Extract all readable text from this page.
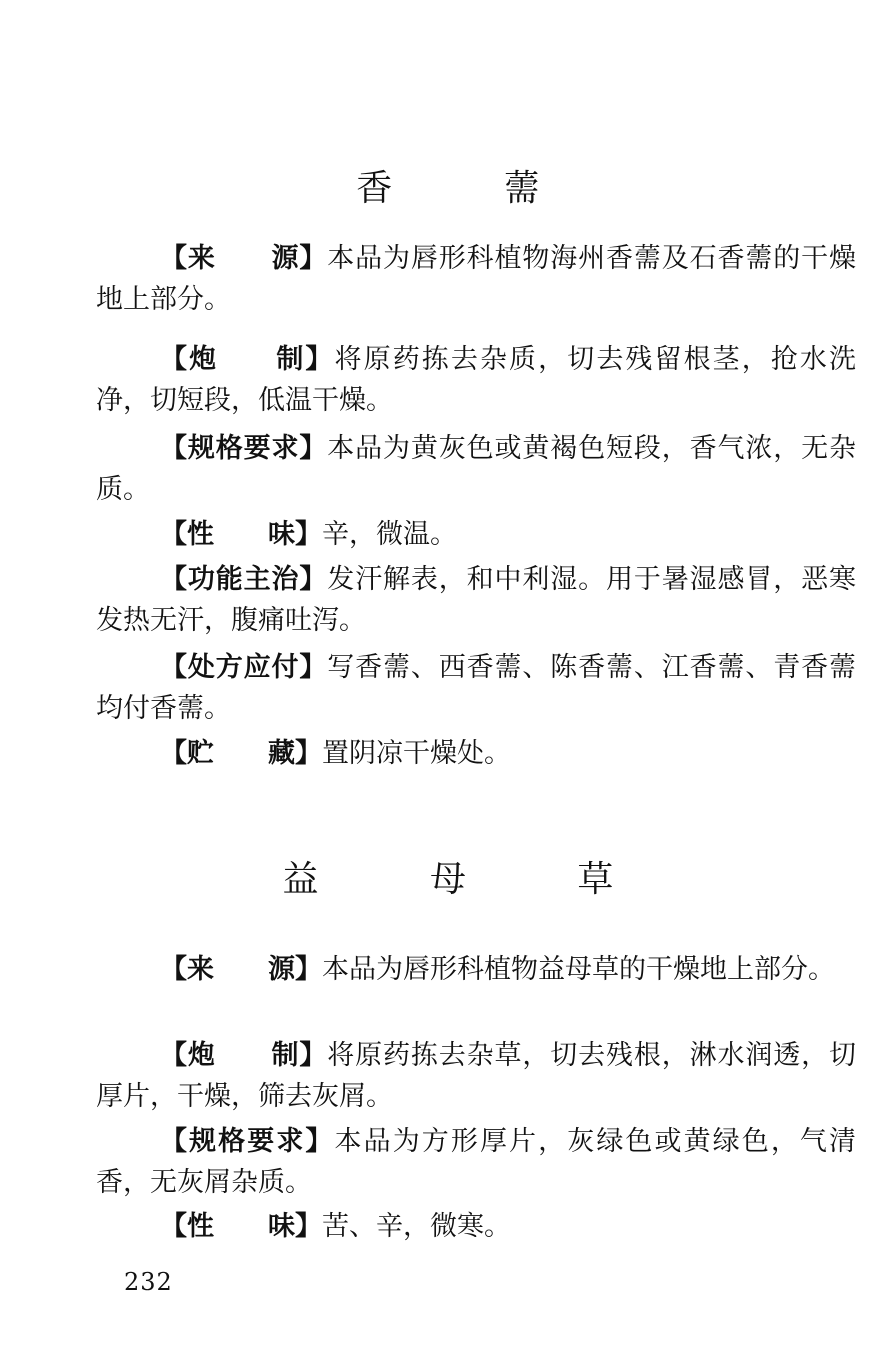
香 薷

【来　　源】本品为唇形科植物海州香薷及石香薷的干燥地上部分。

【炮　　制】将原药拣去杂质，切去残留根茎，抢水洗净，切短段，低温干燥。

【规格要求】本品为黄灰色或黄褐色短段，香气浓，无杂质。

【性　　味】辛，微温。

【功能主治】发汗解表，和中利湿。用于暑湿感冒，恶寒发热无汗，腹痛吐泻。

【处方应付】写香薷、西香薷、陈香薷、江香薷、青香薷均付香薷。

【贮　　藏】置阴凉干燥处。

益 母 草

【来　　源】本品为唇形科植物益母草的干燥地上部分。

【炮　　制】将原药拣去杂草，切去残根，淋水润透，切厚片，干燥，筛去灰屑。

【规格要求】本品为方形厚片，灰绿色或黄绿色，气清香，无灰屑杂质。

【性　　味】苦、辛，微寒。

232
